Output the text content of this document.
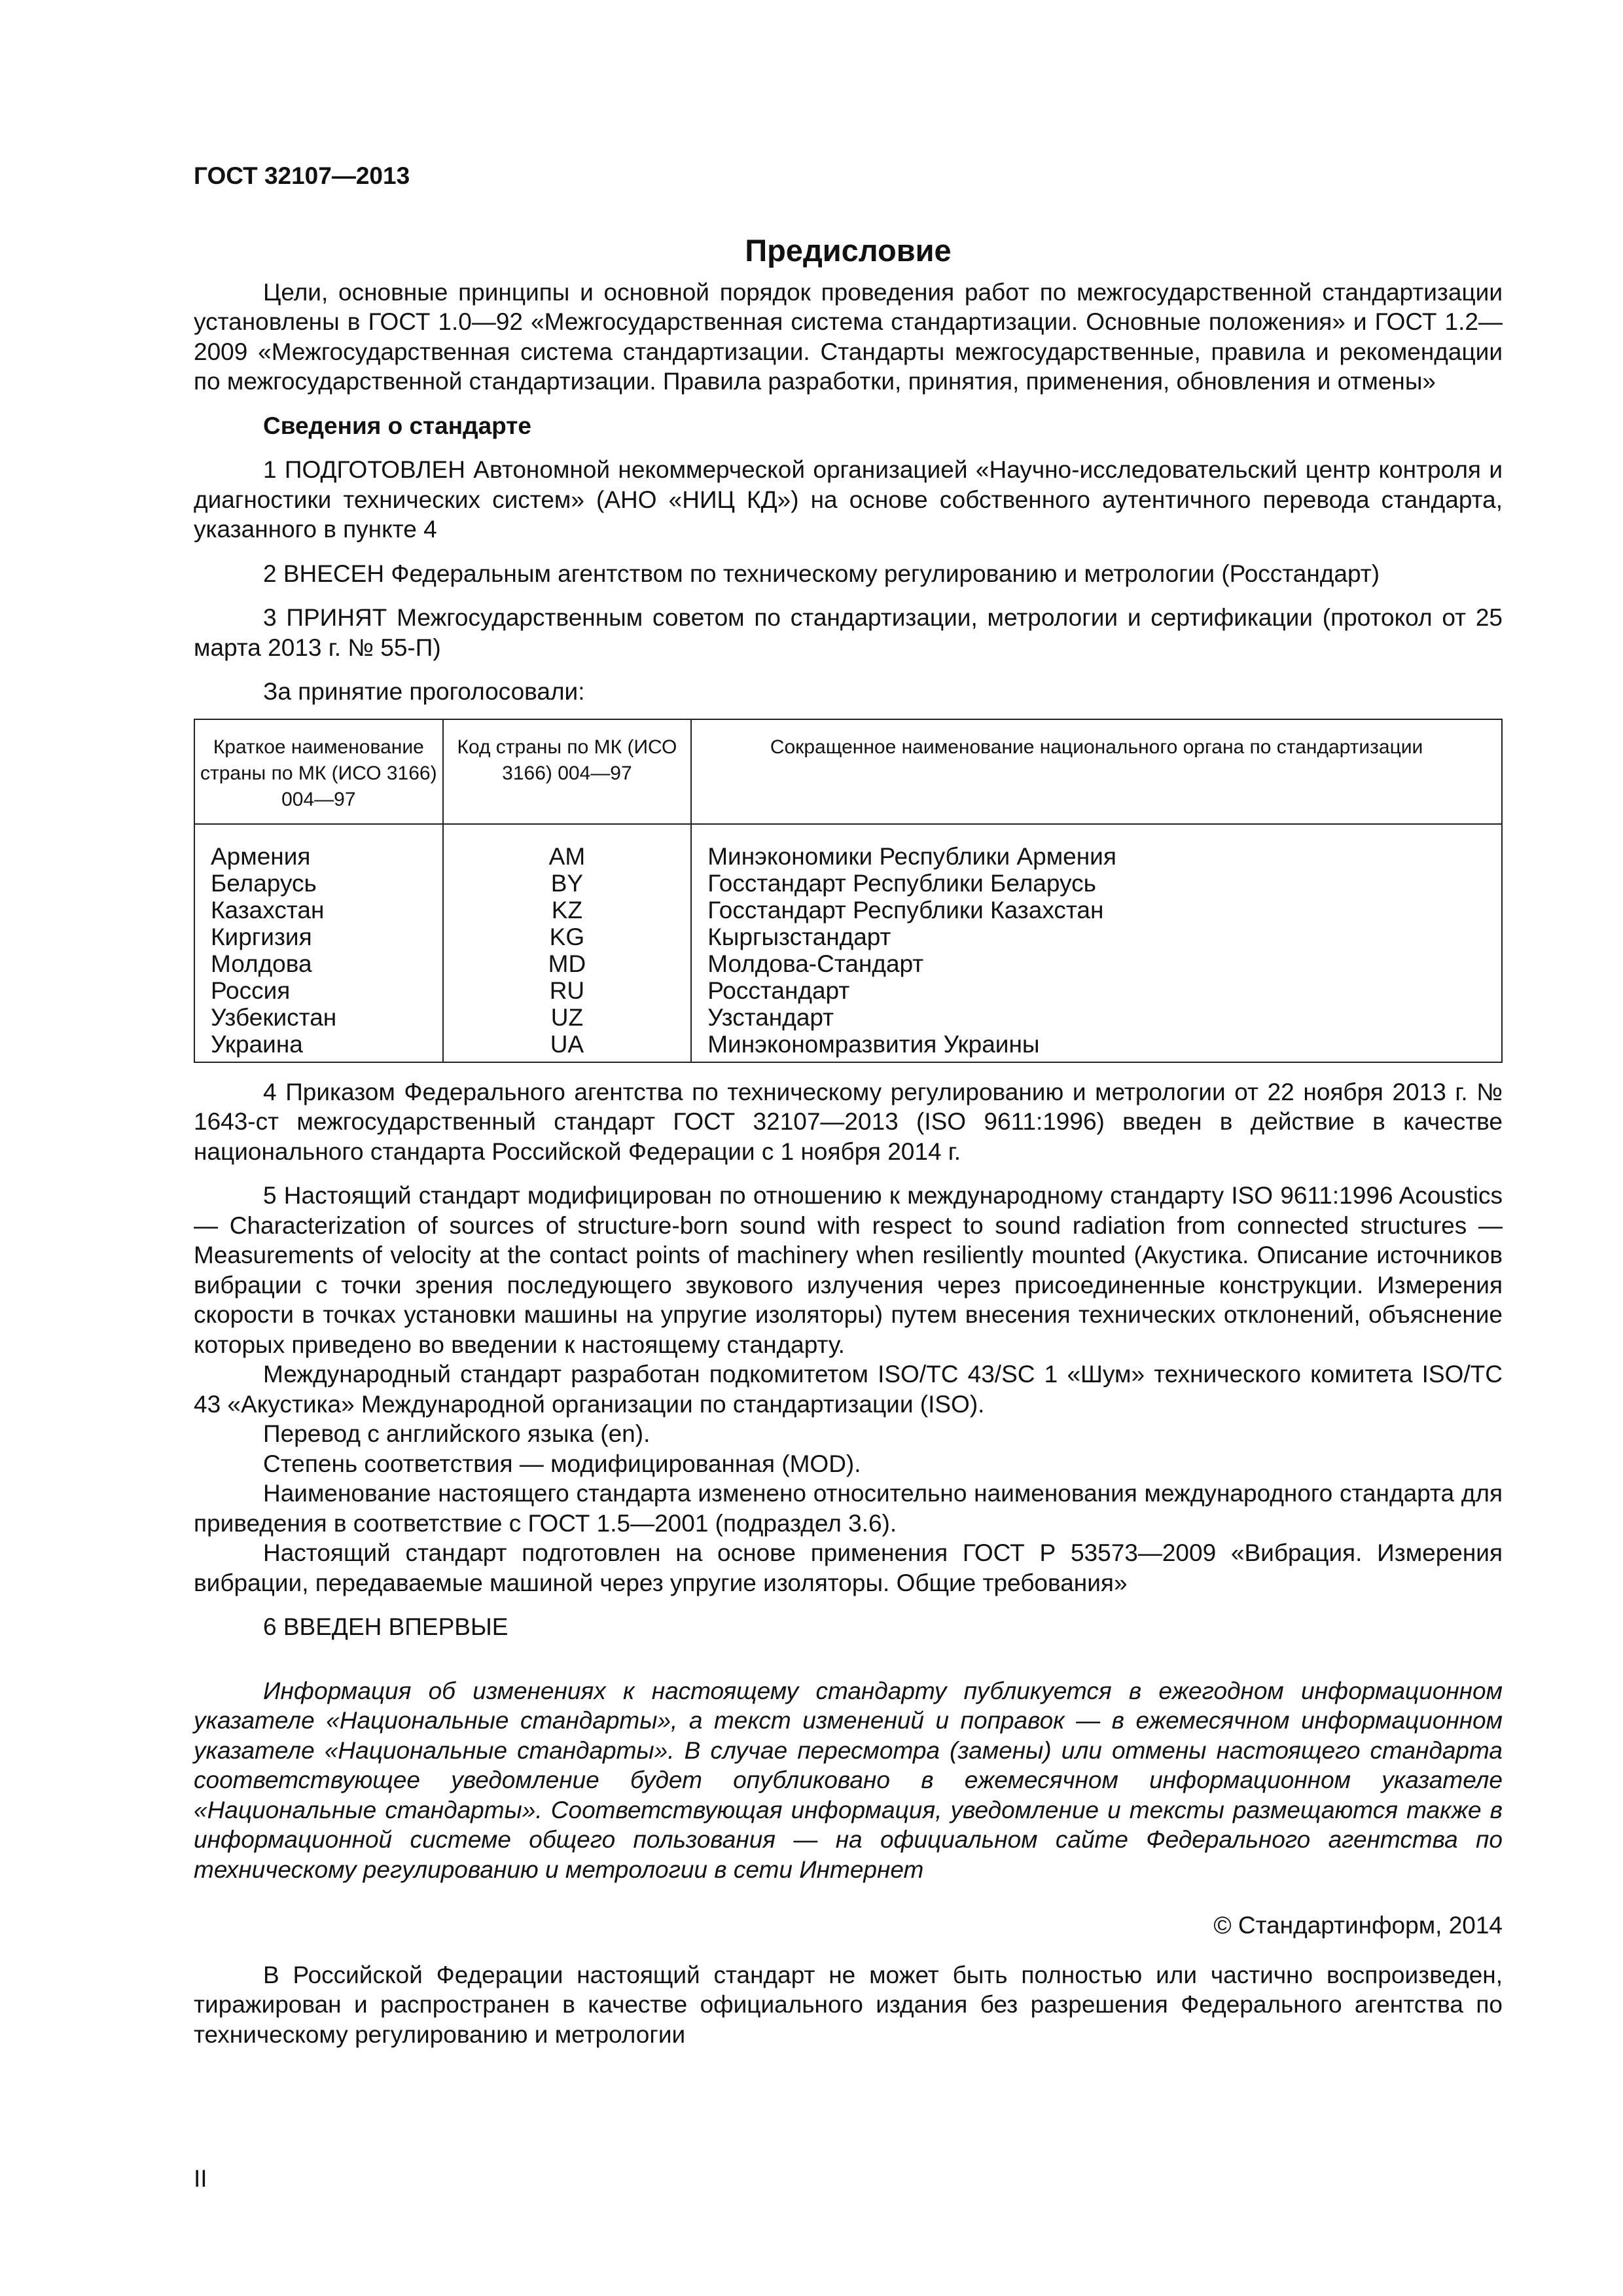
ГОСТ 32107—2013
Предисловие

Цели, основные принципы и основной порядок проведения работ по межгосударственной стандартизации установлены в ГОСТ 1.0—92 «Межгосударственная система стандартизации. Основные положения» и ГОСТ 1.2—2009 «Межгосударственная система стандартизации. Стандарты межгосударственные, правила и рекомендации по межгосударственной стандартизации. Правила разработки, принятия, применения, обновления и отмены»

Сведения о стандарте

1 ПОДГОТОВЛЕН Автономной некоммерческой организацией «Научно-исследовательский центр контроля и диагностики технических систем» (АНО «НИЦ КД») на основе собственного аутентичного перевода стандарта, указанного в пункте 4

2 ВНЕСЕН Федеральным агентством по техническому регулированию и метрологии (Росстандарт)

3 ПРИНЯТ Межгосударственным советом по стандартизации, метрологии и сертификации (протокол от 25 марта 2013 г. № 55-П)

За принятие проголосовали:

Краткое наименование страны по МК (ИСО 3166) 004—97	Код страны по МК (ИСО 3166) 004—97	Сокращенное наименование национального органа по стандартизации
Армения	AM	Минэкономики Республики Армения
Беларусь	BY	Госстандарт Республики Беларусь
Казахстан	KZ	Госстандарт Республики Казахстан
Киргизия	KG	Кыргызстандарт
Молдова	MD	Молдова-Стандарт
Россия	RU	Росстандарт
Узбекистан	UZ	Узстандарт
Украина	UA	Минэкономразвития Украины

4 Приказом Федерального агентства по техническому регулированию и метрологии от 22 ноября 2013 г. № 1643-ст межгосударственный стандарт ГОСТ 32107—2013 (ISO 9611:1996) введен в действие в качестве национального стандарта Российской Федерации с 1 ноября 2014 г.

5 Настоящий стандарт модифицирован по отношению к международному стандарту ISO 9611:1996 Acoustics — Characterization of sources of structure-born sound with respect to sound radiation from connected structures — Measurements of velocity at the contact points of machinery when resiliently mounted (Акустика. Описание источников вибрации с точки зрения последующего звукового излучения через присоединенные конструкции. Измерения скорости в точках установки машины на упругие изоляторы) путем внесения технических отклонений, объяснение которых приведено во введении к настоящему стандарту.

Международный стандарт разработан подкомитетом ISO/TC 43/SC 1 «Шум» технического комитета ISO/TC 43 «Акустика» Международной организации по стандартизации (ISO).

Перевод с английского языка (en).

Степень соответствия — модифицированная (MOD).

Наименование настоящего стандарта изменено относительно наименования международного стандарта для приведения в соответствие с ГОСТ 1.5—2001 (подраздел 3.6).

Настоящий стандарт подготовлен на основе применения ГОСТ Р 53573—2009 «Вибрация. Измерения вибрации, передаваемые машиной через упругие изоляторы. Общие требования»

6 ВВЕДЕН ВПЕРВЫЕ

Информация об изменениях к настоящему стандарту публикуется в ежегодном информационном указателе «Национальные стандарты», а текст изменений и поправок — в ежемесячном информационном указателе «Национальные стандарты». В случае пересмотра (замены) или отмены настоящего стандарта соответствующее уведомление будет опубликовано в ежемесячном информационном указателе «Национальные стандарты». Соответствующая информация, уведомление и тексты размещаются также в информационной системе общего пользования — на официальном сайте Федерального агентства по техническому регулированию и метрологии в сети Интернет

© Стандартинформ, 2014

В Российской Федерации настоящий стандарт не может быть полностью или частично воспроизведен, тиражирован и распространен в качестве официального издания без разрешения Федерального агентства по техническому регулированию и метрологии

II
